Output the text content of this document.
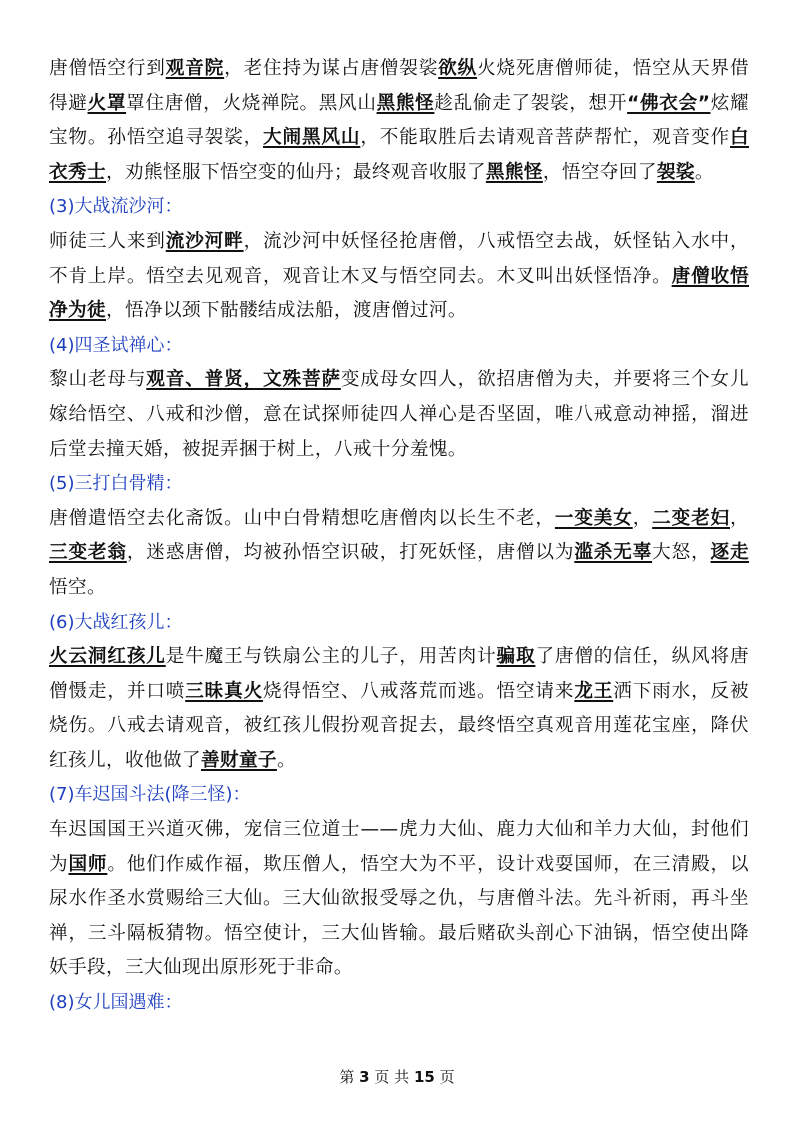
唐僧悟空行到观音院，老住持为谋占唐僧袈裟欲纵火烧死唐僧师徒，悟空从天界借得避火罩罩住唐僧，火烧禅院。黑风山黑熊怪趁乱偷走了袈裟，想开“佛衣会”炫耀宝物。孙悟空追寻袈裟，大闹黑风山，不能取胜后去请观音菩萨帮忙，观音变作白衣秀士，劝熊怪服下悟空变的仙丹；最终观音收服了黑熊怪，悟空夺回了袈裟。

(3)大战流沙河：

师徒三人来到流沙河畔，流沙河中妖怪径抢唐僧，八戒悟空去战，妖怪钻入水中，不肯上岸。悟空去见观音，观音让木叉与悟空同去。木叉叫出妖怪悟净。唐僧收悟净为徒，悟净以颈下骷髅结成法船，渡唐僧过河。

(4)四圣试禅心：

黎山老母与观音、普贤，文殊菩萨变成母女四人，欲招唐僧为夫，并要将三个女儿嫁给悟空、八戒和沙僧，意在试探师徒四人禅心是否坚固，唯八戒意动神摇，溜进后堂去撞天婚，被捉弄捆于树上，八戒十分羞愧。

(5)三打白骨精：

唐僧遣悟空去化斋饭。山中白骨精想吃唐僧肉以长生不老，一变美女，二变老妇，三变老翁，迷惑唐僧，均被孙悟空识破，打死妖怪，唐僧以为滥杀无辜大怒，逐走悟空。

(6)大战红孩儿：

火云洞红孩儿是牛魔王与铁扇公主的儿子，用苦肉计骗取了唐僧的信任，纵风将唐僧慑走，并口喷三昧真火烧得悟空、八戒落荒而逃。悟空请来龙王洒下雨水，反被烧伤。八戒去请观音，被红孩儿假扮观音捉去，最终悟空真观音用莲花宝座，降伏红孩儿，收他做了善财童子。

(7)车迟国斗法(降三怪)：

车迟国国王兴道灭佛，宠信三位道士——虎力大仙、鹿力大仙和羊力大仙，封他们为国师。他们作威作福，欺压僧人，悟空大为不平，设计戏耍国师，在三清殿，以尿水作圣水赏赐给三大仙。三大仙欲报受辱之仇，与唐僧斗法。先斗祈雨，再斗坐禅，三斗隔板猜物。悟空使计，三大仙皆输。最后赌砍头剖心下油锅，悟空使出降妖手段，三大仙现出原形死于非命。

(8)女儿国遇难：

第 3 页 共 15 页
